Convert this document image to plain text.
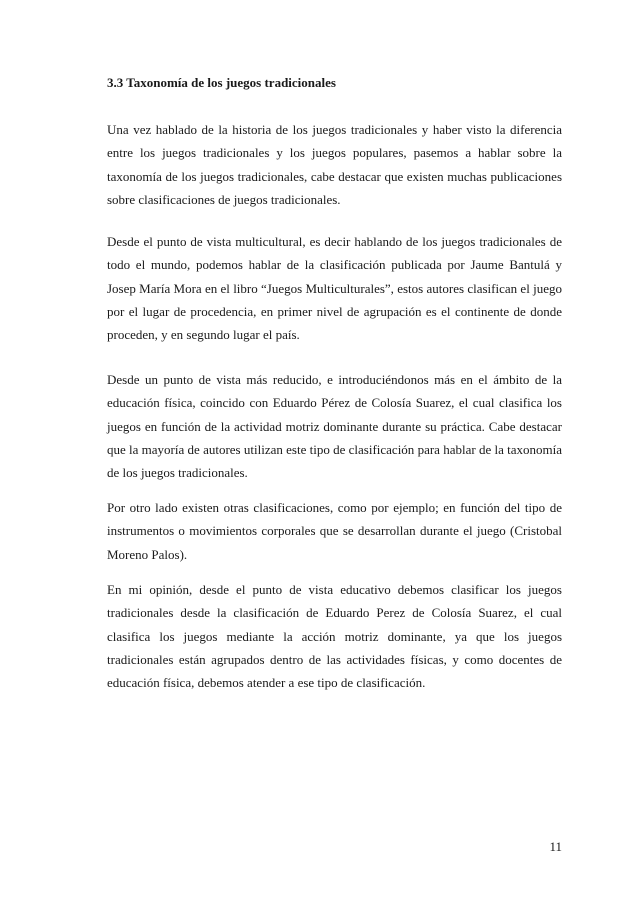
3.3 Taxonomía de los juegos tradicionales

Una vez hablado de la historia de los juegos tradicionales y haber visto la diferencia entre los juegos tradicionales y los juegos populares, pasemos a hablar sobre la taxonomía de los juegos tradicionales, cabe destacar que existen muchas publicaciones sobre clasificaciones de juegos tradicionales.

Desde el punto de vista multicultural, es decir hablando de los juegos tradicionales de todo el mundo, podemos hablar de la clasificación publicada por Jaume Bantulá y Josep María Mora en el libro “Juegos Multiculturales”, estos autores clasifican el juego por el lugar de procedencia, en primer nivel de agrupación es el continente de donde proceden, y en segundo lugar el país.

Desde un punto de vista más reducido, e introduciéndonos más en el ámbito de la educación física, coincido con Eduardo Pérez de Colosía Suarez, el cual clasifica los juegos en función de la actividad motriz dominante durante su práctica. Cabe destacar que la mayoría de autores utilizan este tipo de clasificación para hablar de la taxonomía de los juegos tradicionales.

Por otro lado existen otras clasificaciones, como por ejemplo; en función del tipo de instrumentos o movimientos corporales que se desarrollan durante el juego (Cristobal Moreno Palos).

En mi opinión, desde el punto de vista educativo debemos clasificar los juegos tradicionales desde la clasificación de Eduardo Perez de Colosía Suarez, el cual clasifica los juegos mediante la acción motriz dominante, ya que los juegos tradicionales están agrupados dentro de las actividades físicas, y como docentes de educación física, debemos atender a ese tipo de clasificación.

11
